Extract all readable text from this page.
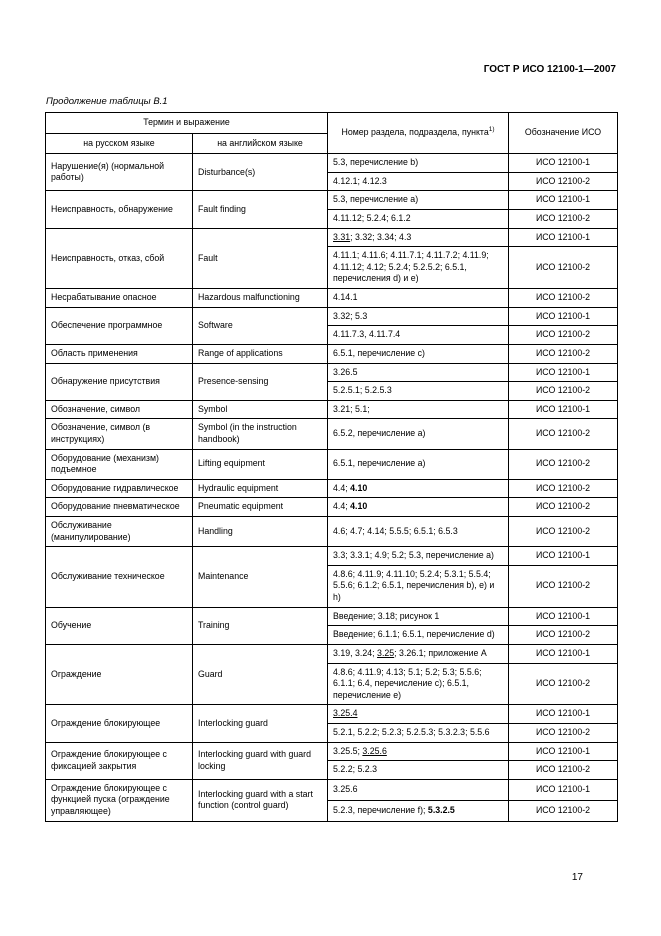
ГОСТ Р ИСО 12100-1—2007
Продолжение таблицы В.1
Термин и выражение		Номер раздела, подраздела, пункта$^{1)}$	Обозначение ИСО
на русском языке	на английском языке		
Нарушение(я) (нормальной работы)	Disturbance(s)	5.3, перечисление b)	ИСО 12100-1
		4.12.1; 4.12.3	ИСО 12100-2
Неисправность, обнаружение	Fault finding	5.3, перечисление a)	ИСО 12100-1
		4.11.12; 5.2.4; 6.1.2	ИСО 12100-2
Неисправность, отказ, сбой	Fault	3.31; 3.32; 3.34; 4.3	ИСО 12100-1
		4.11.1; 4.11.6; 4.11.7.1; 4.11.7.2; 4.11.9; 4.11.12; 4.12; 5.2.4; 5.2.5.2; 6.5.1, перечисления d) и e)	ИСО 12100-2
Несрабатывание опасное	Hazardous malfunctioning	4.14.1	ИСО 12100-2
Обеспечение программное	Software	3.32; 5.3	ИСО 12100-1
		4.11.7.3, 4.11.7.4	ИСО 12100-2
Область применения	Range of applications	6.5.1, перечисление c)	ИСО 12100-2
Обнаружение присутствия	Presence-sensing	3.26.5	ИСО 12100-1
		5.2.5.1; 5.2.5.3	ИСО 12100-2
Обозначение, символ	Symbol	3.21; 5.1;	ИСО 12100-1
Обозначение, символ (в инструкциях)	Symbol (in the instruction handbook)	6.5.2, перечисление a)	ИСО 12100-2
Оборудование (механизм) подъемное	Lifting equipment	6.5.1, перечисление a)	ИСО 12100-2
Оборудование гидравлическое	Hydraulic equipment	4.4; 4.10	ИСО 12100-2
Оборудование пневматическое	Pneumatic equipment	4.4; 4.10	ИСО 12100-2
Обслуживание (манипулирование)	Handling	4.6; 4.7; 4.14; 5.5.5; 6.5.1; 6.5.3	ИСО 12100-2
Обслуживание техническое	Maintenance	3.3; 3.3.1; 4.9; 5.2; 5.3, перечисление a)	ИСО 12100-1
		4.8.6; 4.11.9; 4.11.10; 5.2.4; 5.3.1; 5.5.4; 5.5.6; 6.1.2; 6.5.1, перечисления b), e) и h)	ИСО 12100-2
Обучение	Training	Введение; 3.18; рисунок 1	ИСО 12100-1
		Введение; 6.1.1; 6.5.1, перечисление d)	ИСО 12100-2
Ограждение	Guard	3.19, 3.24; 3.25; 3.26.1; приложение А	ИСО 12100-1
		4.8.6; 4.11.9; 4.13; 5.1; 5.2; 5.3; 5.5.6; 6.1.1; 6.4, перечисление c); 6.5.1, перечисление e)	ИСО 12100-2
Ограждение блокирующее	Interlocking guard	3.25.4	ИСО 12100-1
		5.2.1, 5.2.2; 5.2.3; 5.2.5.3; 5.3.2.3; 5.5.6	ИСО 12100-2
Ограждение блокирующее с фиксацией закрытия	Interlocking guard with guard locking	3.25.5; 3.25.6	ИСО 12100-1
		5.2.2; 5.2.3	ИСО 12100-2
Ограждение блокирующее с функцией пуска (ограждение управляющее)	Interlocking guard with a start function (control guard)	3.25.6	ИСО 12100-1
		5.2.3, перечисление f); 5.3.2.5	ИСО 12100-2
17
